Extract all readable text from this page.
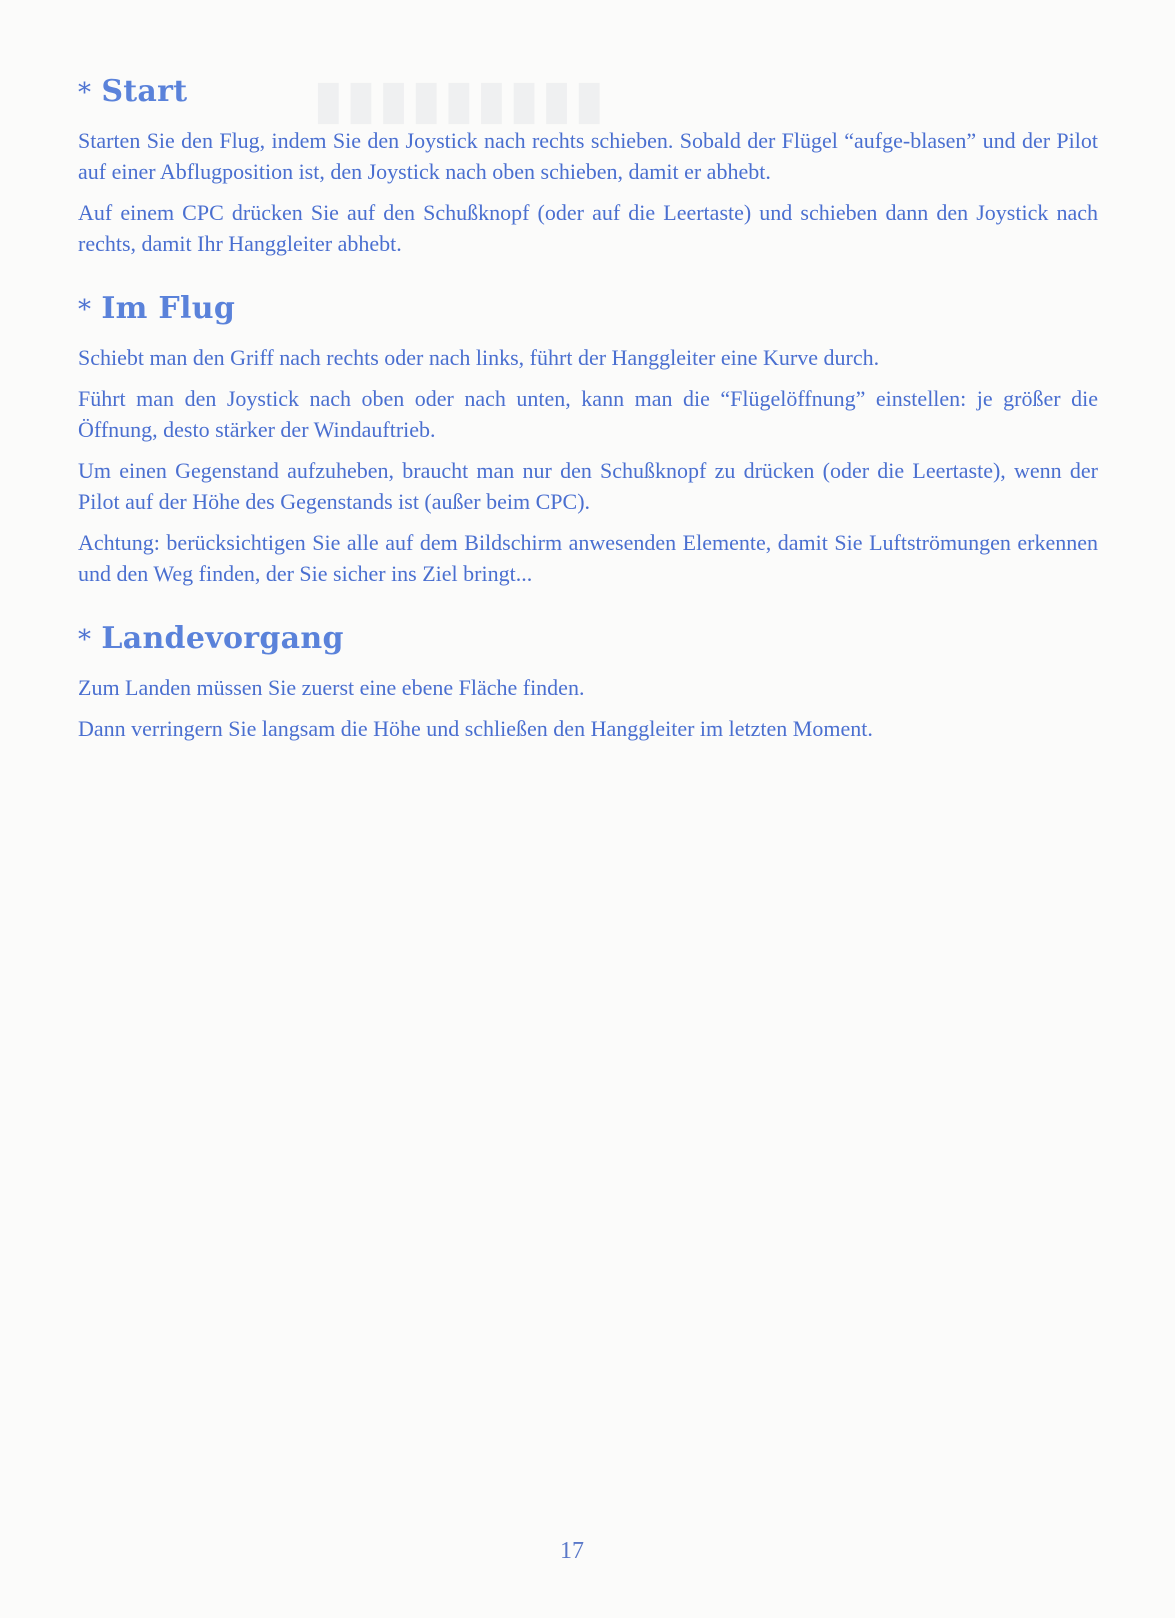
▮▮▮▮▮▮▮▮▮
* Start

Starten Sie den Flug, indem Sie den Joystick nach rechts schieben. Sobald der Flügel “aufge-blasen” und der Pilot auf einer Abflugposition ist, den Joystick nach oben schieben, damit er abhebt.

Auf einem CPC drücken Sie auf den Schußknopf (oder auf die Leertaste) und schieben dann den Joystick nach rechts, damit Ihr Hanggleiter abhebt.

* Im Flug

Schiebt man den Griff nach rechts oder nach links, führt der Hanggleiter eine Kurve durch.

Führt man den Joystick nach oben oder nach unten, kann man die “Flügelöffnung” einstellen: je größer die Öffnung, desto stärker der Windauftrieb.

Um einen Gegenstand aufzuheben, braucht man nur den Schußknopf zu drücken (oder die Leertaste), wenn der Pilot auf der Höhe des Gegenstands ist (außer beim CPC).

Achtung: berücksichtigen Sie alle auf dem Bildschirm anwesenden Elemente, damit Sie Luftströmungen erkennen und den Weg finden, der Sie sicher ins Ziel bringt...

* Landevorgang

Zum Landen müssen Sie zuerst eine ebene Fläche finden.

Dann verringern Sie langsam die Höhe und schließen den Hanggleiter im letzten Moment.

17
